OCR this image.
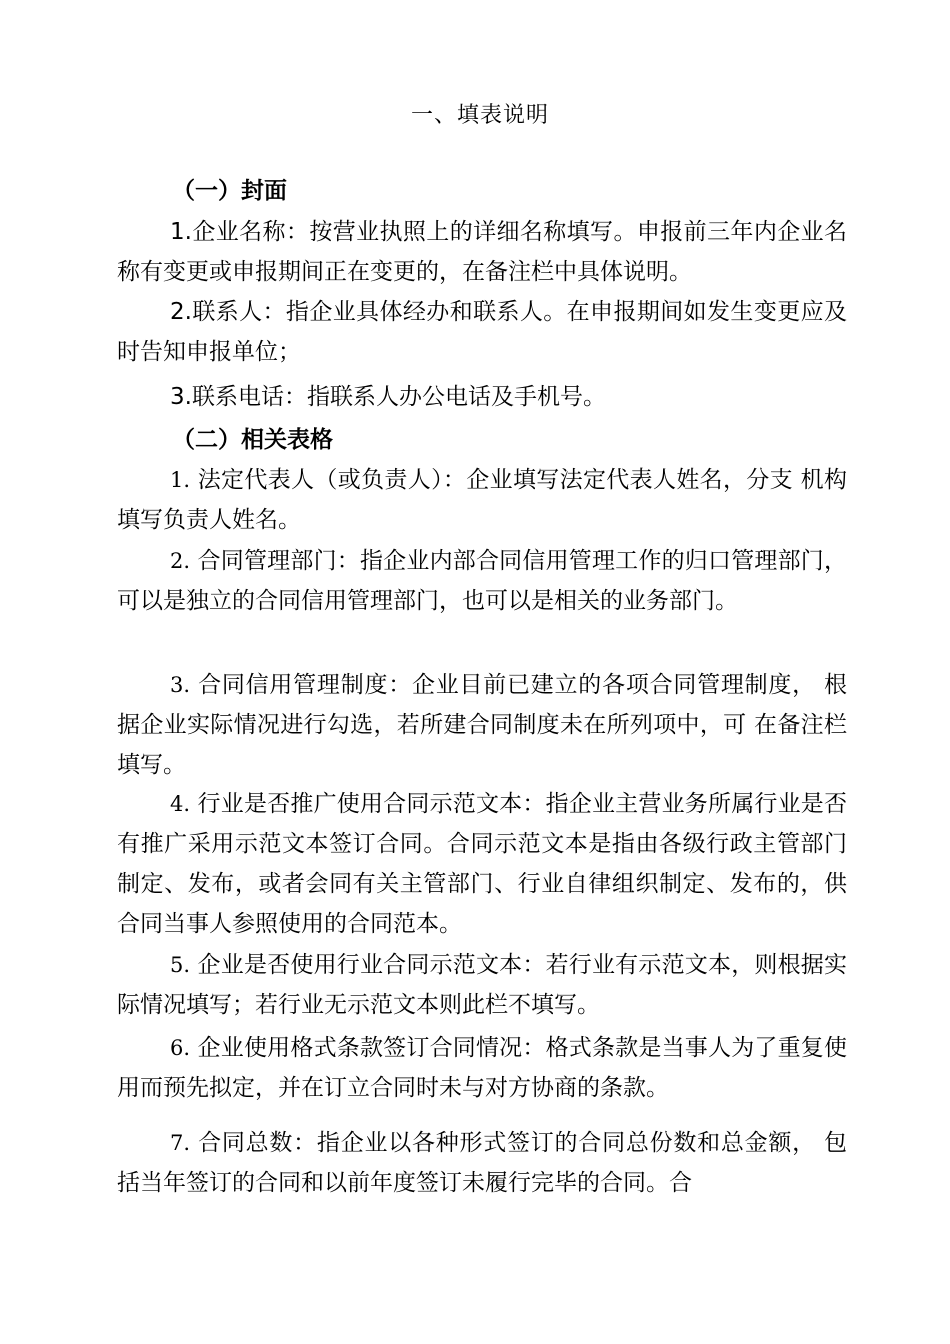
一、填表说明
（一）封面

1.企业名称：按营业执照上的详细名称填写。申报前三年内企业名称有变更或申报期间正在变更的，在备注栏中具体说明。

2.联系人：指企业具体经办和联系人。在申报期间如发生变更应及时告知申报单位；

3.联系电话：指联系人办公电话及手机号。

（二）相关表格

1. 法定代表人（或负责人）：企业填写法定代表人姓名，分支 机构填写负责人姓名。

2. 合同管理部门：指企业内部合同信用管理工作的归口管理部门，可以是独立的合同信用管理部门，也可以是相关的业务部门。

3. 合同信用管理制度：企业目前已建立的各项合同管理制度， 根据企业实际情况进行勾选，若所建合同制度未在所列项中，可 在备注栏填写。

4. 行业是否推广使用合同示范文本：指企业主营业务所属行业是否有推广采用示范文本签订合同。合同示范文本是指由各级行政主管部门制定、发布，或者会同有关主管部门、行业自律组织制定、发布的，供合同当事人参照使用的合同范本。

5. 企业是否使用行业合同示范文本：若行业有示范文本，则根据实际情况填写；若行业无示范文本则此栏不填写。

6. 企业使用格式条款签订合同情况：格式条款是当事人为了重复使用而预先拟定，并在订立合同时未与对方协商的条款。

7. 合同总数：指企业以各种形式签订的合同总份数和总金额， 包括当年签订的合同和以前年度签订未履行完毕的合同。合
